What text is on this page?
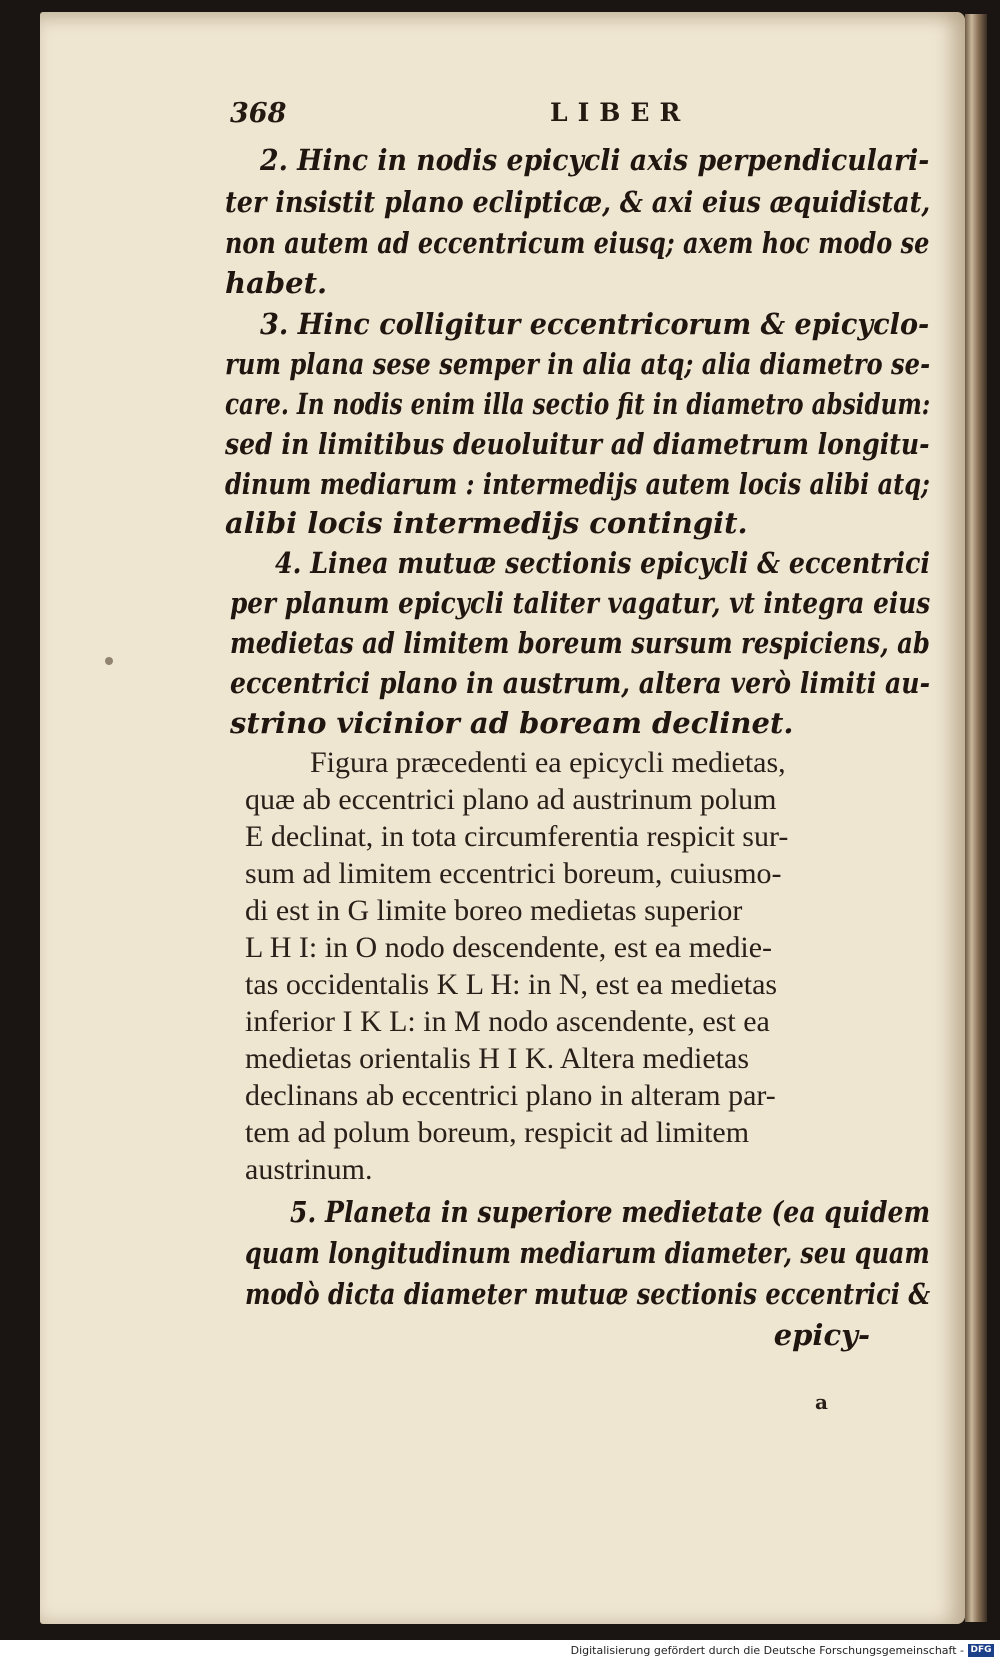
368	LIBER
2. Hinc in nodis epicycli axis perpendiculari-
ter insistit plano eclipticæ, & axi eius æquidistat,
non autem ad eccentricum eiusq; axem hoc modo se
habet.
3. Hinc colligitur eccentricorum & epicyclo-
rum plana sese semper in alia atq; alia diametro se-
care. In nodis enim illa sectio fit in diametro absidum:
sed in limitibus deuoluitur ad diametrum longitu-
dinum mediarum : intermedijs autem locis alibi atq;
alibi locis intermedijs contingit.
4. Linea mutuæ sectionis epicycli & eccentrici
per planum epicycli taliter vagatur, vt integra eius
medietas ad limitem boreum sursum respiciens, ab
eccentrici plano in austrum, altera verò limiti au-
strino vicinior ad boream declinet.
Figura præcedenti ea epicycli medietas,
quæ ab eccentrici plano ad austrinum polum
E declinat, in tota circumferentia respicit sur-
sum ad limitem eccentrici boreum, cuiusmo-
di est in G limite boreo medietas superior
L H I: in O nodo descendente, est ea medie-
tas occidentalis K L H: in N, est ea medietas
inferior I K L: in M nodo ascendente, est ea
medietas orientalis H I K. Altera medietas
declinans ab eccentrici plano in alteram par-
tem ad polum boreum, respicit ad limitem
austrinum.
5. Planeta in superiore medietate (ea quidem
quam longitudinum mediarum diameter, seu quam
modò dicta diameter mutuæ sectionis eccentrici &
epicy-
a
Digitalisierung gefördert durch die Deutsche Forschungsgemeinschaft - DFG
